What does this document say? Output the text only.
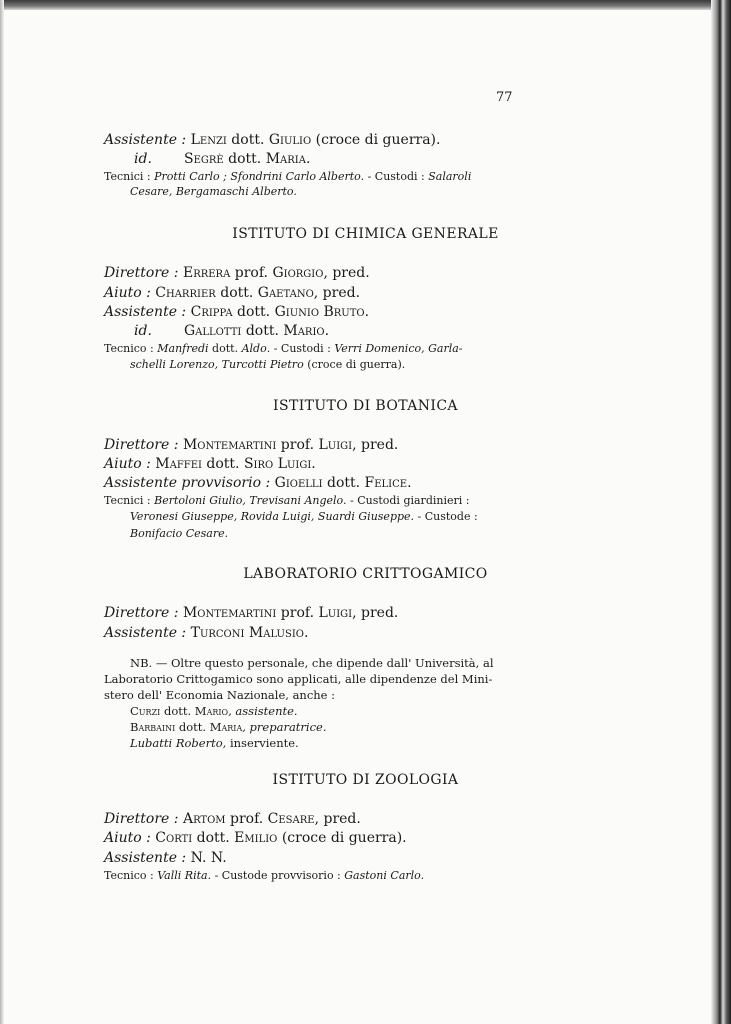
77
Assistente : Lenzi dott. Giulio (croce di guerra).
id. Segrè dott. Maria.
Tecnici : Protti Carlo ; Sfondrini Carlo Alberto. - Custodi : Salaroli
Cesare, Bergamaschi Alberto.
ISTITUTO DI CHIMICA GENERALE
Direttore : Errera prof. Giorgio, pred.
Aiuto : Charrier dott. Gaetano, pred.
Assistente : Crippa dott. Giunio Bruto.
id. Gallotti dott. Mario.
Tecnico : Manfredi dott. Aldo. - Custodi : Verri Domenico, Garla-
schelli Lorenzo, Turcotti Pietro (croce di guerra).
ISTITUTO DI BOTANICA
Direttore : Montemartini prof. Luigi, pred.
Aiuto : Maffei dott. Siro Luigi.
Assistente provvisorio : Gioelli dott. Felice.
Tecnici : Bertoloni Giulio, Trevisani Angelo. - Custodi giardinieri :
Veronesi Giuseppe, Rovida Luigi, Suardi Giuseppe. - Custode :
Bonifacio Cesare.
LABORATORIO CRITTOGAMICO
Direttore : Montemartini prof. Luigi, pred.
Assistente : Turconi Malusio.
NB. — Oltre questo personale, che dipende dall' Università, al
Laboratorio Crittogamico sono applicati, alle dipendenze del Mini-
stero dell' Economia Nazionale, anche :
Curzi dott. Mario, assistente.
Barbaini dott. Maria, preparatrice.
Lubatti Roberto, inserviente.
ISTITUTO DI ZOOLOGIA
Direttore : Artom prof. Cesare, pred.
Aiuto : Corti dott. Emilio (croce di guerra).
Assistente : N. N.
Tecnico : Valli Rita. - Custode provvisorio : Gastoni Carlo.
